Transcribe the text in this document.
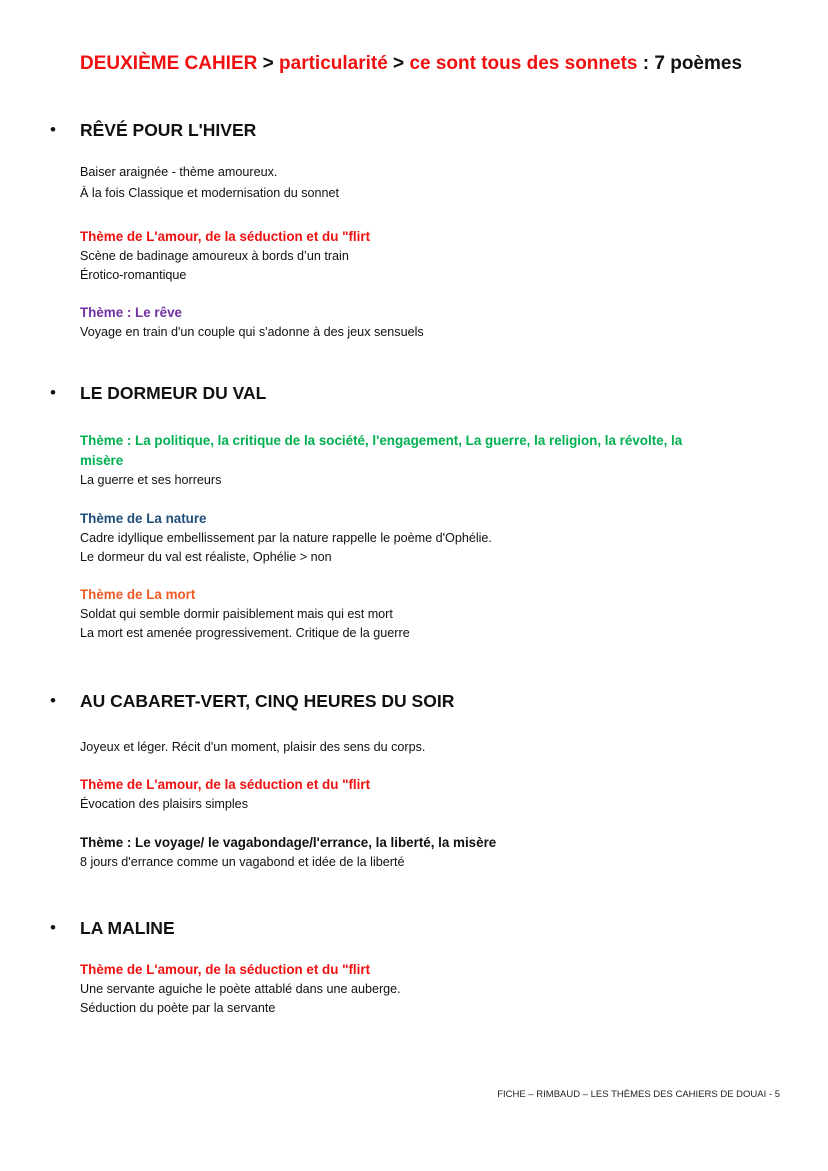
DEUXIÈME CAHIER > particularité > ce sont tous des sonnets : 7 poèmes
• RÊVÉ POUR L'HIVER
Baiser araignée - thème amoureux.
À la fois Classique et modernisation du sonnet
Thème de L'amour, de la séduction et du "flirt
Scène de badinage amoureux à bords d’un train
Érotico-romantique
Thème : Le rêve
Voyage en train d'un couple qui s'adonne à des jeux sensuels
• LE DORMEUR DU VAL
Thème : La politique, la critique de la société, l'engagement, La guerre, la religion, la révolte, la
misère
La guerre et ses horreurs
Thème de La nature
Cadre idyllique embellissement par la nature rappelle le poème d'Ophélie.
Le dormeur du val est réaliste, Ophélie > non
Thème de La mort
Soldat qui semble dormir paisiblement mais qui est mort
La mort est amenée progressivement. Critique de la guerre
• AU CABARET-VERT, CINQ HEURES DU SOIR
Joyeux et léger. Récit d'un moment, plaisir des sens du corps.
Thème de L'amour, de la séduction et du "flirt
Évocation des plaisirs simples
Thème : Le voyage/ le vagabondage/l'errance, la liberté, la misère
8 jours d'errance comme un vagabond et idée de la liberté
• LA MALINE
Thème de L'amour, de la séduction et du "flirt
Une servante aguiche le poète attablé dans une auberge.
Séduction du poète par la servante
FICHE – RIMBAUD – LES THÈMES DES CAHIERS DE DOUAI - 5
